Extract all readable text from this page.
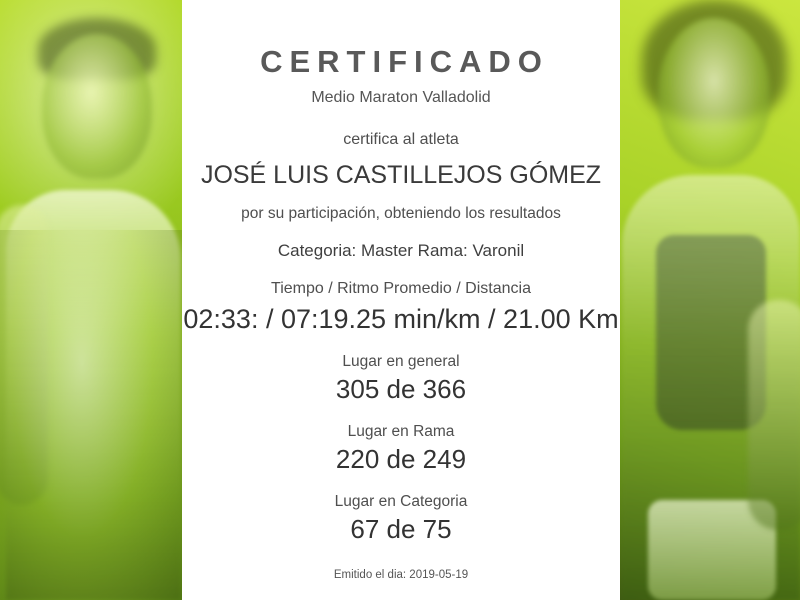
CERTIFICADO
Medio Maraton Valladolid
certifica al atleta
JOSÉ LUIS CASTILLEJOS GÓMEZ
por su participación, obteniendo los resultados
Categoria: Master Rama: Varonil
Tiempo / Ritmo Promedio / Distancia
02:33: / 07:19.25 min/km / 21.00 Km
Lugar en general
305 de 366
Lugar en Rama
220 de 249
Lugar en Categoria
67 de 75
Emitido el dia: 2019-05-19
